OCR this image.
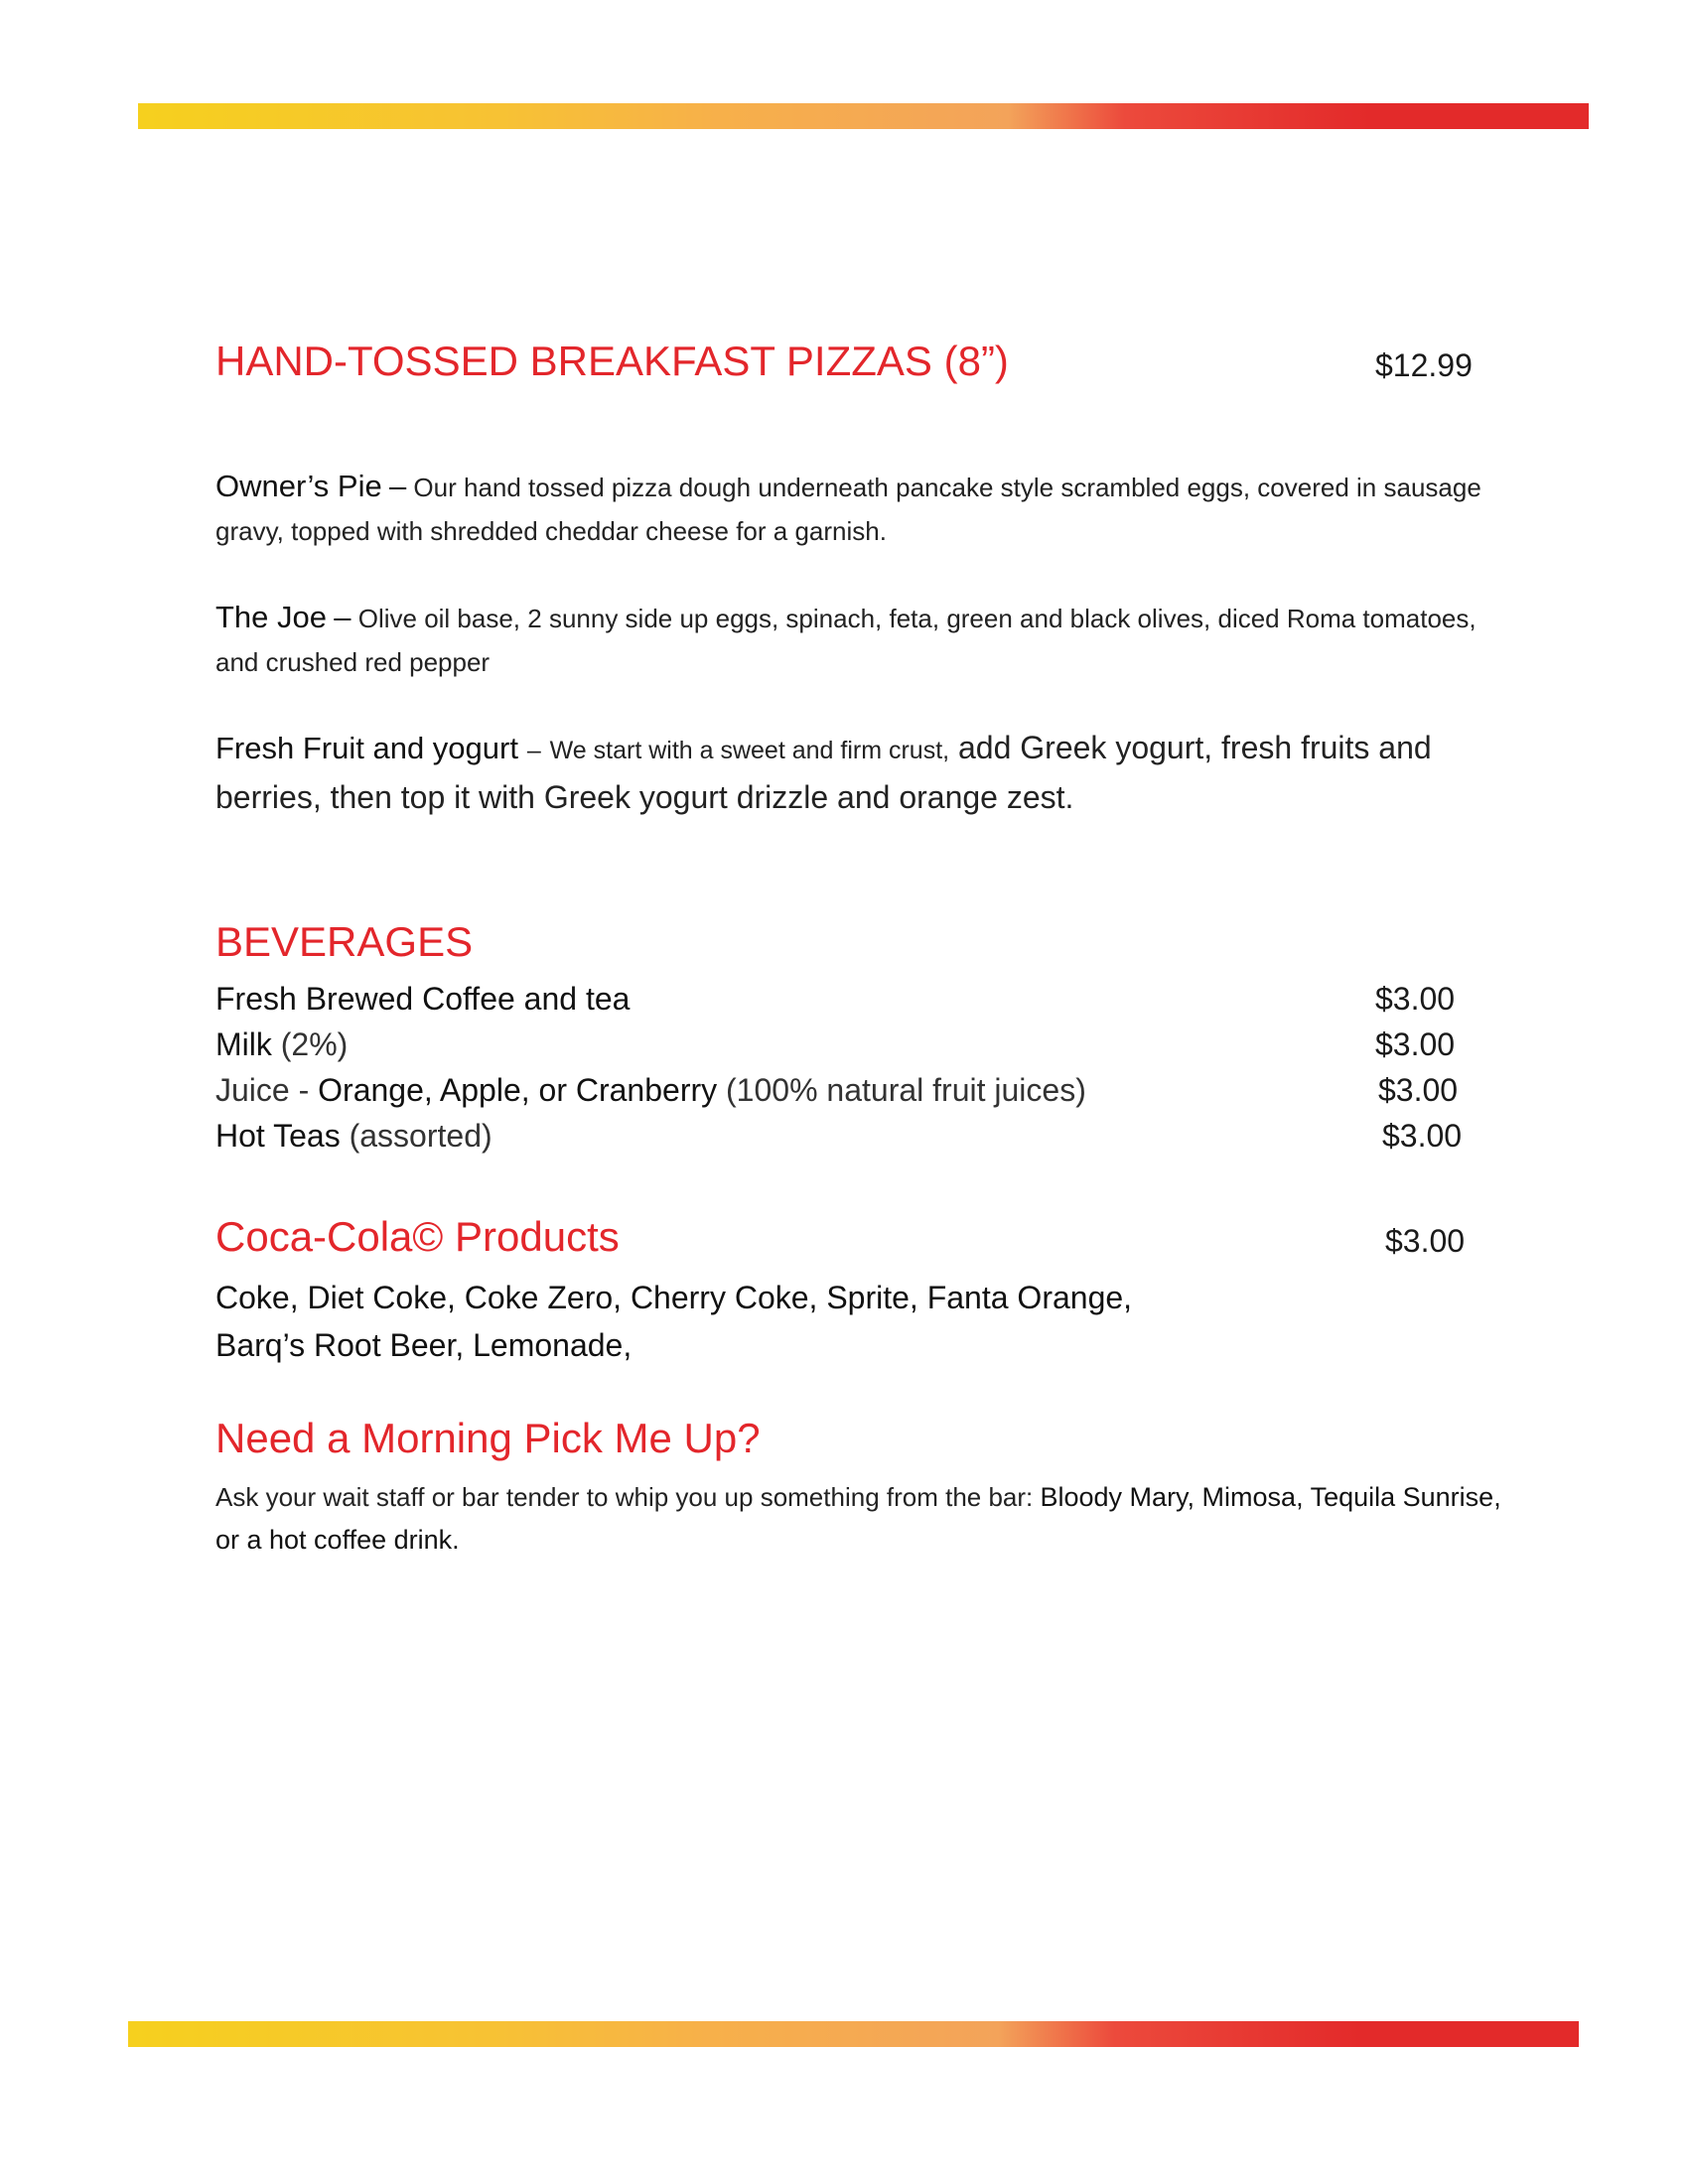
HAND-TOSSED BREAKFAST PIZZAS (8”)	$12.99
Owner’s Pie – Our hand tossed pizza dough underneath pancake style scrambled eggs, covered in sausage gravy, topped with shredded cheddar cheese for a garnish.
The Joe – Olive oil base, 2 sunny side up eggs, spinach, feta, green and black olives, diced Roma tomatoes, and crushed red pepper
Fresh Fruit and yogurt – We start with a sweet and firm crust, add Greek yogurt, fresh fruits and berries, then top it with Greek yogurt drizzle and orange zest.
BEVERAGES
Fresh Brewed Coffee and tea	$3.00
Milk (2%)	$3.00
Juice - Orange, Apple, or Cranberry (100% natural fruit juices)	$3.00
Hot Teas (assorted)	$3.00
Coca-Cola© Products	$3.00
Coke, Diet Coke, Coke Zero, Cherry Coke, Sprite, Fanta Orange,
Barq’s Root Beer, Lemonade,
Need a Morning Pick Me Up?
Ask your wait staff or bar tender to whip you up something from the bar: Bloody Mary, Mimosa, Tequila Sunrise, or a hot coffee drink.
